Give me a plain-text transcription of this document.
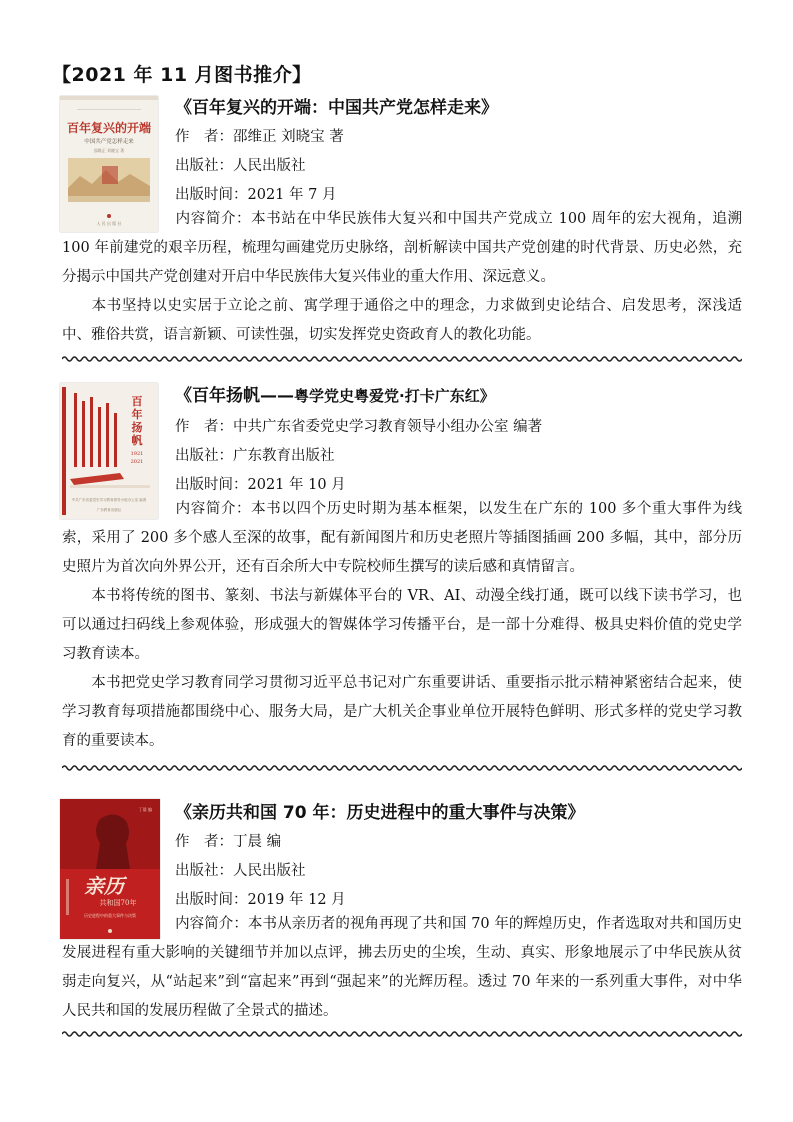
【2021 年 11 月图书推介】
————————————————
百年复兴的开端
中国共产党怎样走来
邵维正 刘晓宝 著
人 民 出 版 社
《百年复兴的开端：中国共产党怎样走来》
作　者：邵维正 刘晓宝 著
出版社：人民出版社
出版时间：2021 年 7 月
内容简介：本书站在中华民族伟大复兴和中国共产党成立 100 周年的宏大视角，追溯 100 年前建党的艰辛历程，梳理勾画建党历史脉络，剖析解读中国共产党创建的时代背景、历史必然，充分揭示中国共产党创建对开启中华民族伟大复兴伟业的重大作用、深远意义。
本书坚持以史实居于立论之前、寓学理于通俗之中的理念，力求做到史论结合、启发思考，深浅适中、雅俗共赏，语言新颖、可读性强，切实发挥党史资政育人的教化功能。
百
年
扬
帆
1921
2021
中共广东省委党史学习教育领导小组办公室 编著
广东教育出版社
《百年扬帆——粤学党史粤爱党·打卡广东红》
作　者：中共广东省委党史学习教育领导小组办公室 编著
出版社：广东教育出版社
出版时间：2021 年 10 月
内容简介：本书以四个历史时期为基本框架，以发生在广东的 100 多个重大事件为线索，采用了 200 多个感人至深的故事，配有新闻图片和历史老照片等插图插画 200 多幅，其中，部分历史照片为首次向外界公开，还有百余所大中专院校师生撰写的读后感和真情留言。
本书将传统的图书、篆刻、书法与新媒体平台的 VR、AI、动漫全线打通，既可以线下读书学习，也可以通过扫码线上参观体验，形成强大的智媒体学习传播平台，是一部十分难得、极具史料价值的党史学习教育读本。
本书把党史学习教育同学习贯彻习近平总书记对广东重要讲话、重要指示批示精神紧密结合起来，使学习教育每项措施都围绕中心、服务大局，是广大机关企事业单位开展特色鲜明、形式多样的党史学习教育的重要读本。
丁晨 编
亲历
共和国70年
历史进程中的重大事件与决策
《亲历共和国 70 年：历史进程中的重大事件与决策》
作　者：丁晨 编
出版社：人民出版社
出版时间：2019 年 12 月
内容简介：本书从亲历者的视角再现了共和国 70 年的辉煌历史，作者选取对共和国历史发展进程有重大影响的关键细节并加以点评，拂去历史的尘埃，生动、真实、形象地展示了中华民族从贫弱走向复兴，从“站起来”到“富起来”再到“强起来”的光辉历程。透过 70 年来的一系列重大事件，对中华人民共和国的发展历程做了全景式的描述。
